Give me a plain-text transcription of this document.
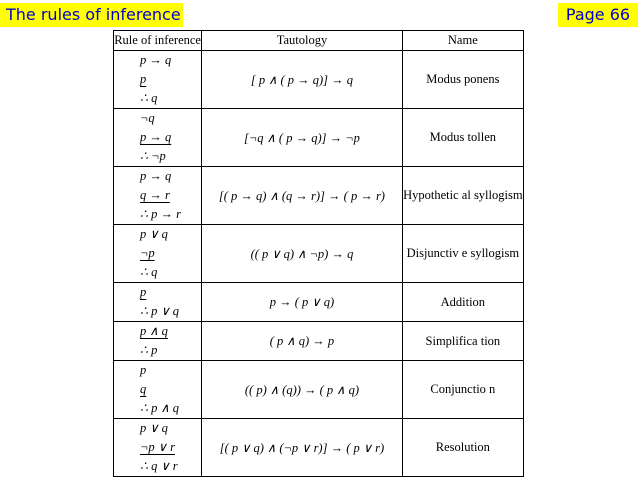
The rules of inference	Page 66
Rule of inference	Tautology	Name

p → q
p
∴ q	[ p ∧ ( p → q)] → q	Modus ponens

¬q
p → q
∴ ¬p	[¬q ∧ ( p → q)] → ¬p	Modus tollen

p → q
q → r
∴ p → r	[( p → q) ∧ (q → r)] → ( p → r)	Hypothetic al syllogism

p ∨ q
¬p
∴ q	(( p ∨ q) ∧ ¬p) → q	Disjunctiv e syllogism

p
∴ p ∨ q	p → ( p ∨ q)	Addition

p ∧ q
∴ p	( p ∧ q) → p	Simplifica tion

p
q
∴ p ∧ q	(( p) ∧ (q)) → ( p ∧ q)	Conjunctio n

p ∨ q
¬p ∨ r
∴ q ∨ r	[( p ∨ q) ∧ (¬p ∨ r)] → ( p ∨ r)	Resolution
